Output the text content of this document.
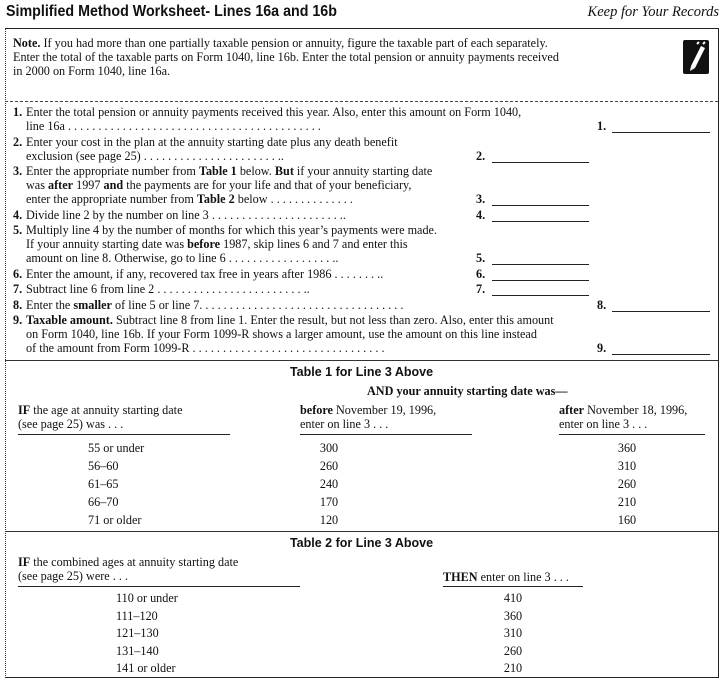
Simplified Method Worksheet- Lines 16a and 16b	Keep for Your Records
Note. If you had more than one partially taxable pension or annuity, figure the taxable part of each separately.
Enter the total of the taxable parts on Form 1040, line 16b. Enter the total pension or annuity payments received
in 2000 on Form 1040, line 16a.
1. Enter the total pension or annuity payments received this year. Also, enter this amount on Form 1040,
line 16a . . . . . . . . . . . . . . . . . . . . . . . . . . . . . . . . . . . . . . . . . .	1.
2. Enter your cost in the plan at the annuity starting date plus any death benefit
exclusion (see page 25) . . . . . . . . . . . . . . . . . . . . . . ..	2.
3. Enter the appropriate number from Table 1 below. But if your annuity starting date
was after 1997 and the payments are for your life and that of your beneficiary,
enter the appropriate number from Table 2 below . . . . . . . . . . . . . .	3.
4. Divide line 2 by the number on line 3 . . . . . . . . . . . . . . . . . . . . . ..	4.
5. Multiply line 4 by the number of months for which this year’s payments were made.
If your annuity starting date was before 1987, skip lines 6 and 7 and enter this
amount on line 8. Otherwise, go to line 6 . . . . . . . . . . . . . . . . . ..	5.
6. Enter the amount, if any, recovered tax free in years after 1986 . . . . . . . ..	6.
7. Subtract line 6 from line 2 . . . . . . . . . . . . . . . . . . . . . . . . ..	7.
8. Enter the smaller of line 5 or line 7. . . . . . . . . . . . . . . . . . . . . . . . . . . . . . . . . .	8.
9. Taxable amount. Subtract line 8 from line 1. Enter the result, but not less than zero. Also, enter this amount
on Form 1040, line 16b. If your Form 1099-R shows a larger amount, use the amount on this line instead
of the amount from Form 1099-R . . . . . . . . . . . . . . . . . . . . . . . . . . . . . . . .	9.
Table 1 for Line 3 Above
AND your annuity starting date was—
IF the age at annuity starting date
(see page 25) was . . .
before November 19, 1996,
enter on line 3 . . .
after November 18, 1996,
enter on line 3 . . .
55 or under	300	360
56–60	260	310
61–65	240	260
66–70	170	210
71 or older	120	160
Table 2 for Line 3 Above
IF the combined ages at annuity starting date
(see page 25) were . . .	THEN enter on line 3 . . .
110 or under	410
111–120	360
121–130	310
131–140	260
141 or older	210
